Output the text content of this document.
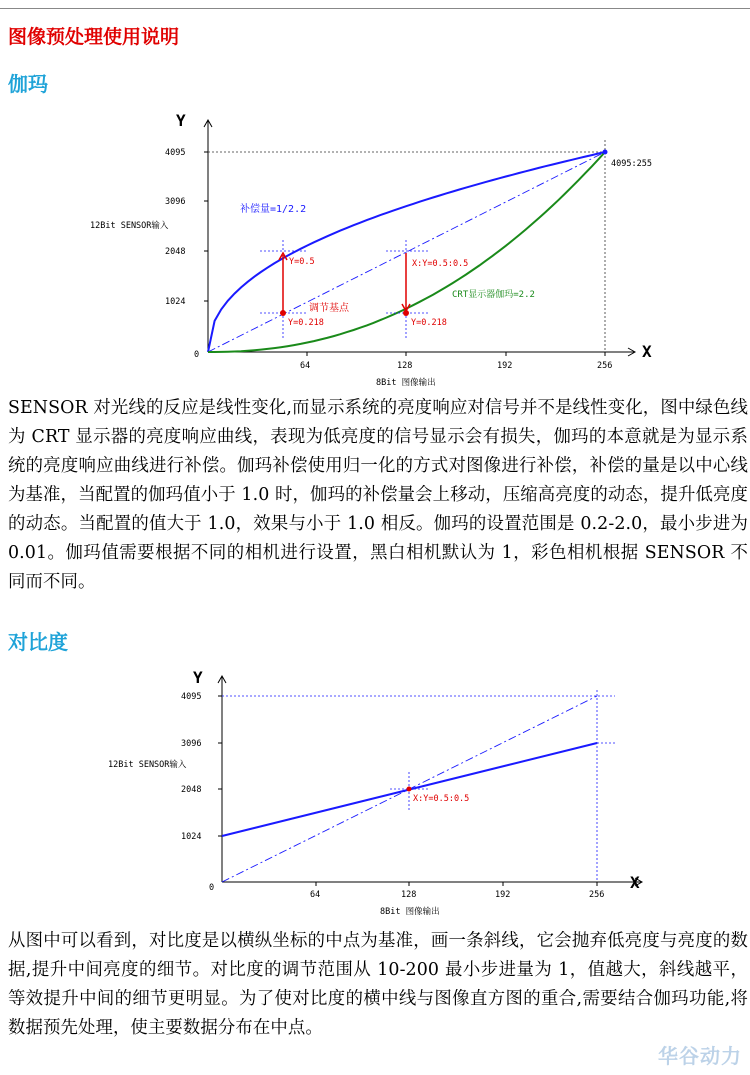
图像预处理使用说明
伽玛
Y
X
4095
3096
2048
1024
0
64	128	192	256
12Bit SENSOR输入
8Bit 图像输出
4095:255
补偿量=1/2.2
CRT显示器伽玛=2.2
调节基点
Y=0.5
Y=0.218
X:Y=0.5:0.5
Y=0.218
SENSOR 对光线的反应是线性变化,而显示系统的亮度响应对信号并不是线性变化，图中绿色线为 CRT 显示器的亮度响应曲线，表现为低亮度的信号显示会有损失，伽玛的本意就是为显示系统的亮度响应曲线进行补偿。伽玛补偿使用归一化的方式对图像进行补偿，补偿的量是以中心线为基准，当配置的伽玛值小于 1.0 时，伽玛的补偿量会上移动，压缩高亮度的动态，提升低亮度的动态。当配置的值大于 1.0，效果与小于 1.0 相反。伽玛的设置范围是 0.2-2.0，最小步进为 0.01。伽玛值需要根据不同的相机进行设置，黑白相机默认为 1，彩色相机根据 SENSOR 不同而不同。
对比度
Y
X
4095
3096
2048
1024
0
64	128	192	256
12Bit SENSOR输入
8Bit 图像输出
X:Y=0.5:0.5
从图中可以看到，对比度是以横纵坐标的中点为基准，画一条斜线，它会抛弃低亮度与亮度的数据,提升中间亮度的细节。对比度的调节范围从 10-200 最小步进量为 1，值越大，斜线越平，等效提升中间的细节更明显。为了使对比度的横中线与图像直方图的重合,需要结合伽玛功能,将数据预先处理，使主要数据分布在中点。
华谷动力
